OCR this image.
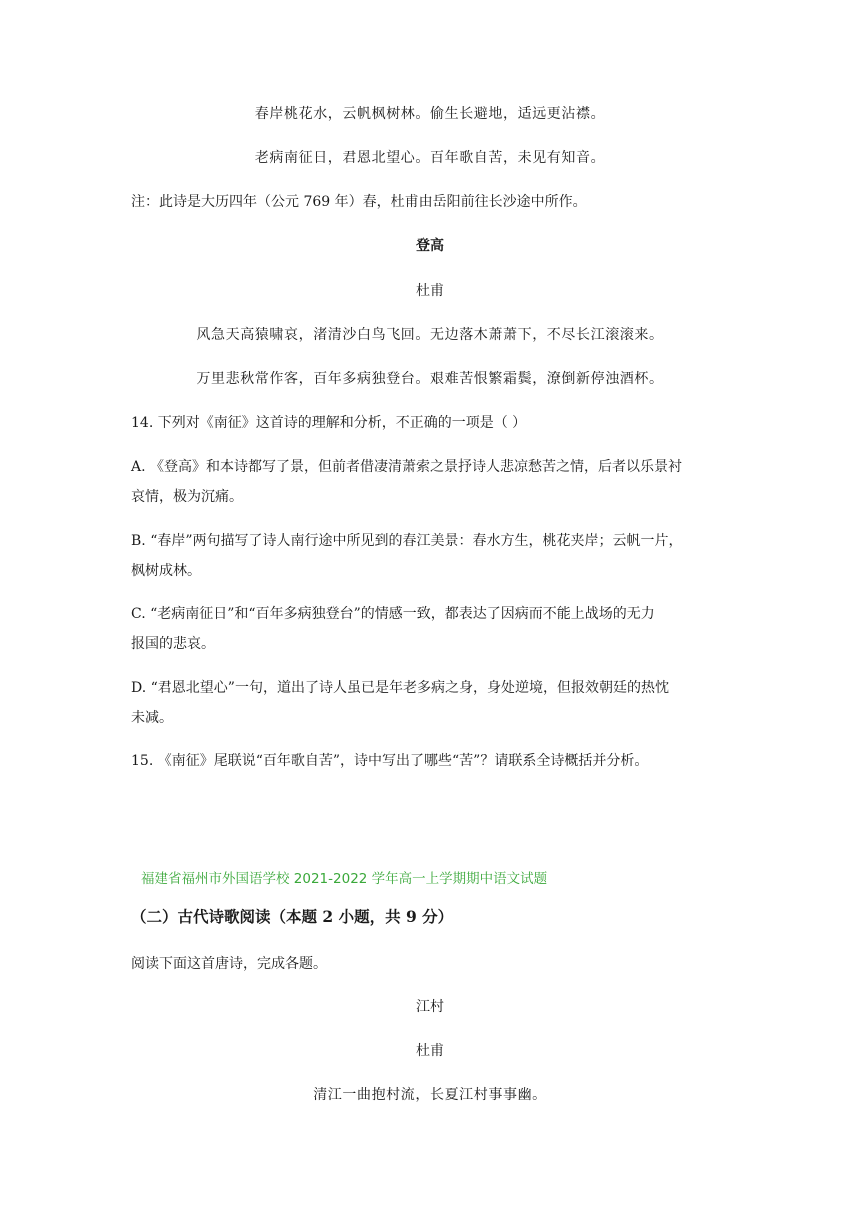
春岸桃花水，云帆枫树林。偷生长避地，适远更沾襟。
老病南征日，君恩北望心。百年歌自苦，未见有知音。
注：此诗是大历四年（公元 769 年）春，杜甫由岳阳前往长沙途中所作。
登高
杜甫
风急天高猿啸哀，渚清沙白鸟飞回。无边落木萧萧下，不尽长江滚滚来。
万里悲秋常作客，百年多病独登台。艰难苦恨繁霜鬓，潦倒新停浊酒杯。
14. 下列对《南征》这首诗的理解和分析，不正确的一项是（ ）
A. 《登高》和本诗都写了景，但前者借凄清萧索之景抒诗人悲凉愁苦之情，后者以乐景衬
哀情，极为沉痛。
B. “春岸”两句描写了诗人南行途中所见到的春江美景：春水方生，桃花夹岸；云帆一片，
枫树成林。
C. “老病南征日”和“百年多病独登台”的情感一致，都表达了因病而不能上战场的无力
报国的悲哀。
D. “君恩北望心”一句，道出了诗人虽已是年老多病之身，身处逆境，但报效朝廷的热忱
未减。
15. 《南征》尾联说“百年歌自苦”，诗中写出了哪些“苦”？请联系全诗概括并分析。
福建省福州市外国语学校 2021-2022 学年高一上学期期中语文试题
（二）古代诗歌阅读（本题 2 小题，共 9 分）
阅读下面这首唐诗，完成各题。
江村
杜甫
清江一曲抱村流，长夏江村事事幽。
